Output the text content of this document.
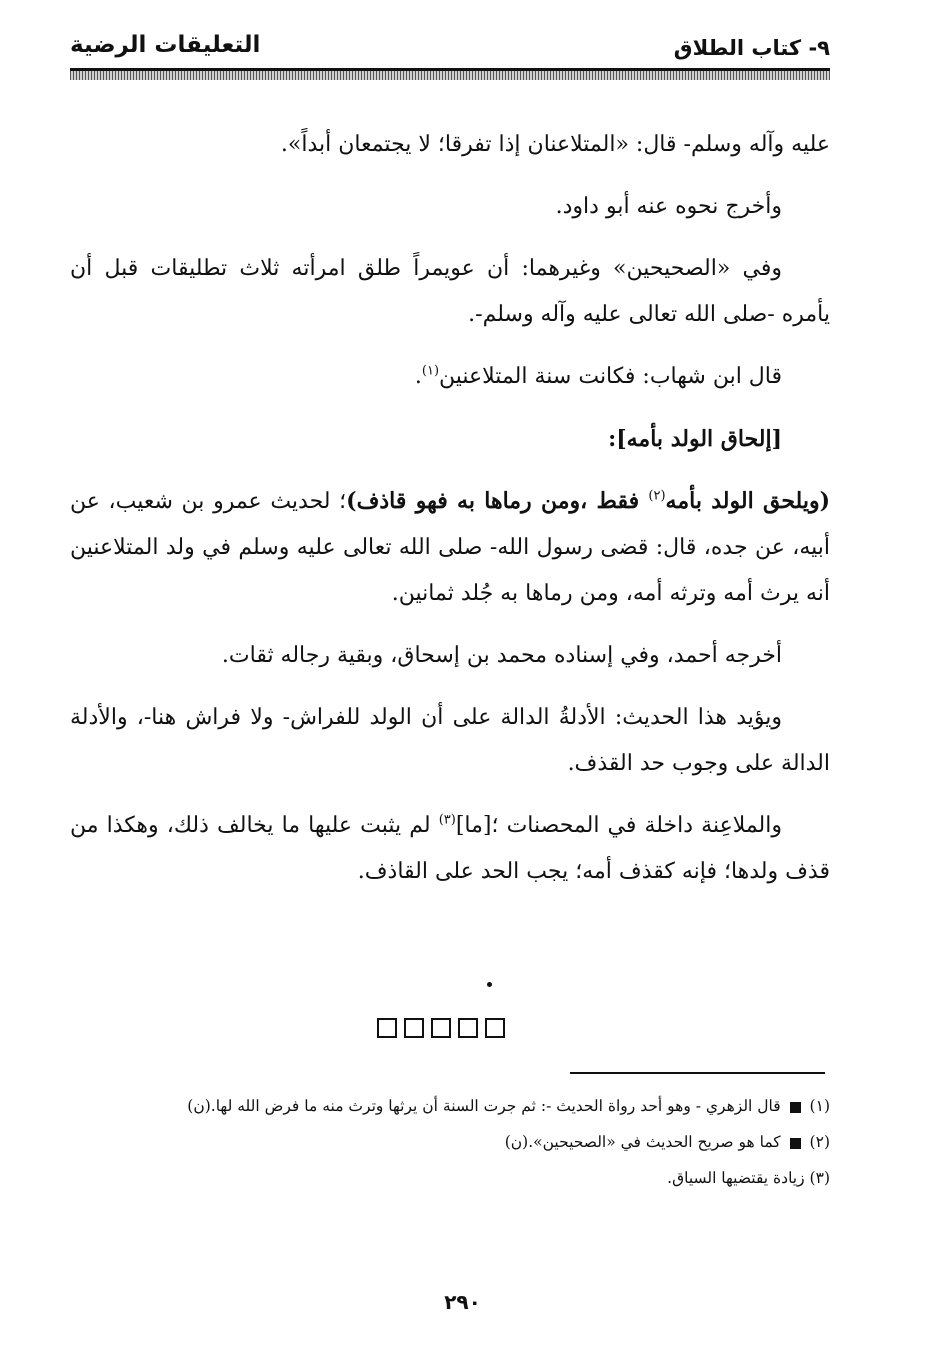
٩- كتاب الطلاق
التعليقات الرضية

عليه وآله وسلم- قال: «المتلاعنان إذا تفرقا؛ لا يجتمعان أبداً».

وأخرج نحوه عنه أبو داود.

وفي «الصحيحين» وغيرهما: أن عويمراً طلق امرأته ثلاث تطليقات قبل أن يأمره -صلى الله تعالى عليه وآله وسلم-.

قال ابن شهاب: فكانت سنة المتلاعنين$^{(١)}$.

[إلحاق الولد بأمه]:

(ويلحق الولد بأمه$^{(٢)}$ فقط ،ومن رماها به فهو قاذف)؛ لحديث عمرو بن شعيب، عن أبيه، عن جده، قال: قضى رسول الله- صلى الله تعالى عليه وسلم في ولد المتلاعنين أنه يرث أمه وترثه أمه، ومن رماها به جُلد ثمانين.

أخرجه أحمد، وفي إسناده محمد بن إسحاق، وبقية رجاله ثقات.

ويؤيد هذا الحديث: الأدلةُ الدالة على أن الولد للفراش- ولا فراش هنا-، والأدلة الدالة على وجوب حد القذف.

والملاعِنة داخلة في المحصنات ؛[ما]$^{(٣)}$ لم يثبت عليها ما يخالف ذلك، وهكذا من قذف ولدها؛ فإنه كقذف أمه؛ يجب الحد على القاذف.

(١)  قال الزهري - وهو أحد رواة الحديث -: ثم جرت السنة أن يرثها وترث منه ما فرض الله لها.(ن)

(٢)  كما هو صريح الحديث في «الصحيحين».(ن)

(٣) زيادة يقتضيها السياق.

٢٩٠
